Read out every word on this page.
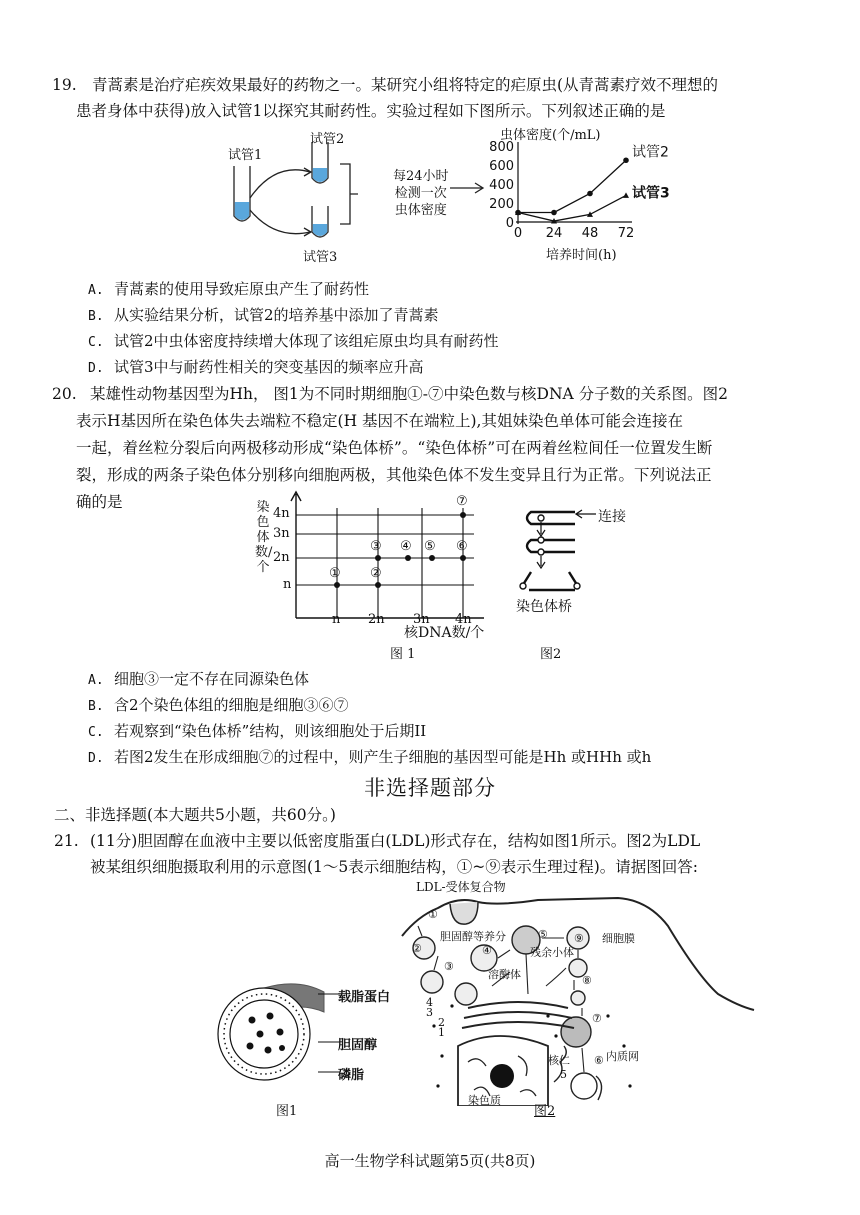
19. 青蒿素是治疗疟疾效果最好的药物之一。某研究小组将特定的疟原虫(从青蒿素疗效不理想的
患者身体中获得)放入试管1以探究其耐药性。实验过程如下图所示。下列叙述正确的是
试管1
试管2
试管3
每24小时
检测一次
虫体密度
800
600
400
200
0
0 24 48 72
试管2
试管3
虫体密度(个/mL)
培养时间(h)
A. 青蒿素的使用导致疟原虫产生了耐药性
B. 从实验结果分析，试管2的培养基中添加了青蒿素
C. 试管2中虫体密度持续增大体现了该组疟原虫均具有耐药性
D. 试管3中与耐药性相关的突变基因的频率应升高
20. 某雄性动物基因型为Hh， 图1为不同时期细胞①-⑦中染色数与核DNA 分子数的关系图。图2
表示H基因所在染色体失去端粒不稳定(H 基因不在端粒上),其姐妹染色单体可能会连接在
一起，着丝粒分裂后向两极移动形成“染色体桥”。“染色体桥”可在两着丝粒间任一位置发生断
裂，形成的两条子染色体分别移向细胞两极，其他染色体不发生变异且行为正常。下列说法正
确的是	染色体数/个
4n
3n
2n
n
n 2n 3n 4n
核DNA数/个
① ②
③ ④ ⑤ ⑥
⑦
图 1
连接
染色体桥
图2
A. 细胞③一定不存在同源染色体
B. 含2个染色体组的细胞是细胞③⑥⑦
C. 若观察到“染色体桥”结构，则该细胞处于后期II
D. 若图2发生在形成细胞⑦的过程中，则产生子细胞的基因型可能是Hh 或HHh 或h
非选择题部分
二、非选择题(本大题共5小题，共60分。)
21. (11分)胆固醇在血液中主要以低密度脂蛋白(LDL)形式存在，结构如图1所示。图2为LDL
被某组织细胞摄取利用的示意图(1～5表示细胞结构，①~⑨表示生理过程)。请据图回答:
载脂蛋白
胆固醇
磷脂
图1
LDL-受体复合物
胆固醇等养分
残余小体
细胞膜
溶酶体
内质网
核仁
染色质
4
3
2
1
5
①
②
③
④
⑤
⑥
⑦
⑧
⑨
图2
高一生物学科试题第5页(共8页)
